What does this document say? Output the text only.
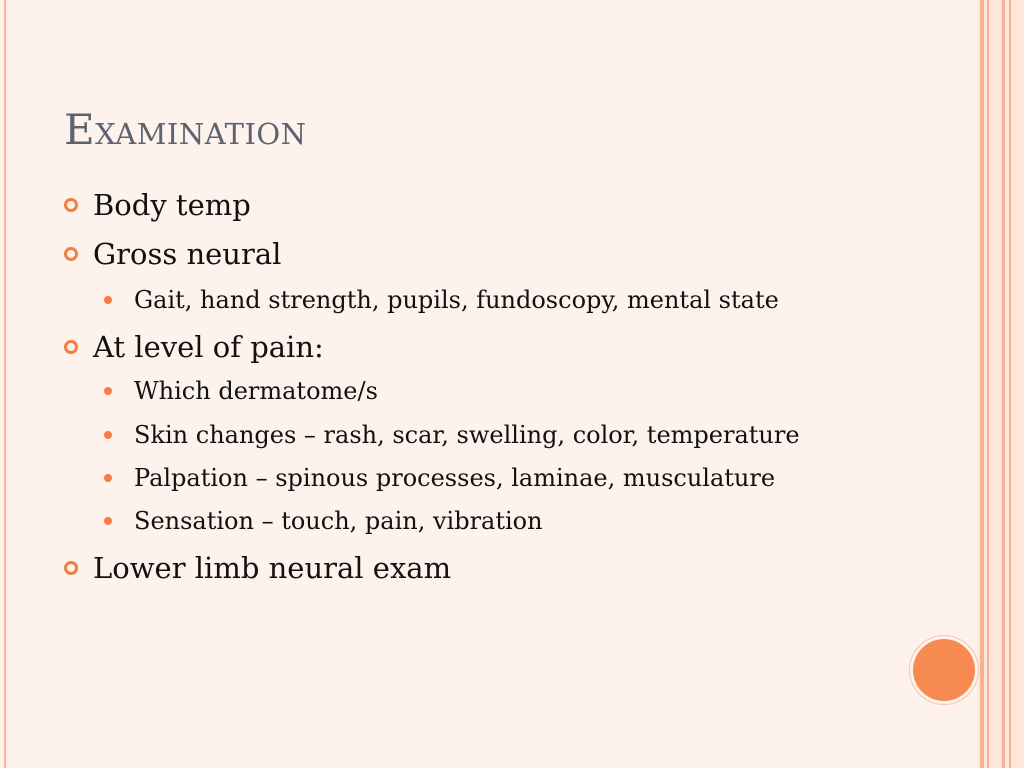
Examination
Body temp
Gross neural
Gait, hand strength, pupils, fundoscopy, mental state
At level of pain:
Which dermatome/s
Skin changes – rash, scar, swelling, color, temperature
Palpation – spinous processes, laminae, musculature
Sensation – touch, pain, vibration
Lower limb neural exam
